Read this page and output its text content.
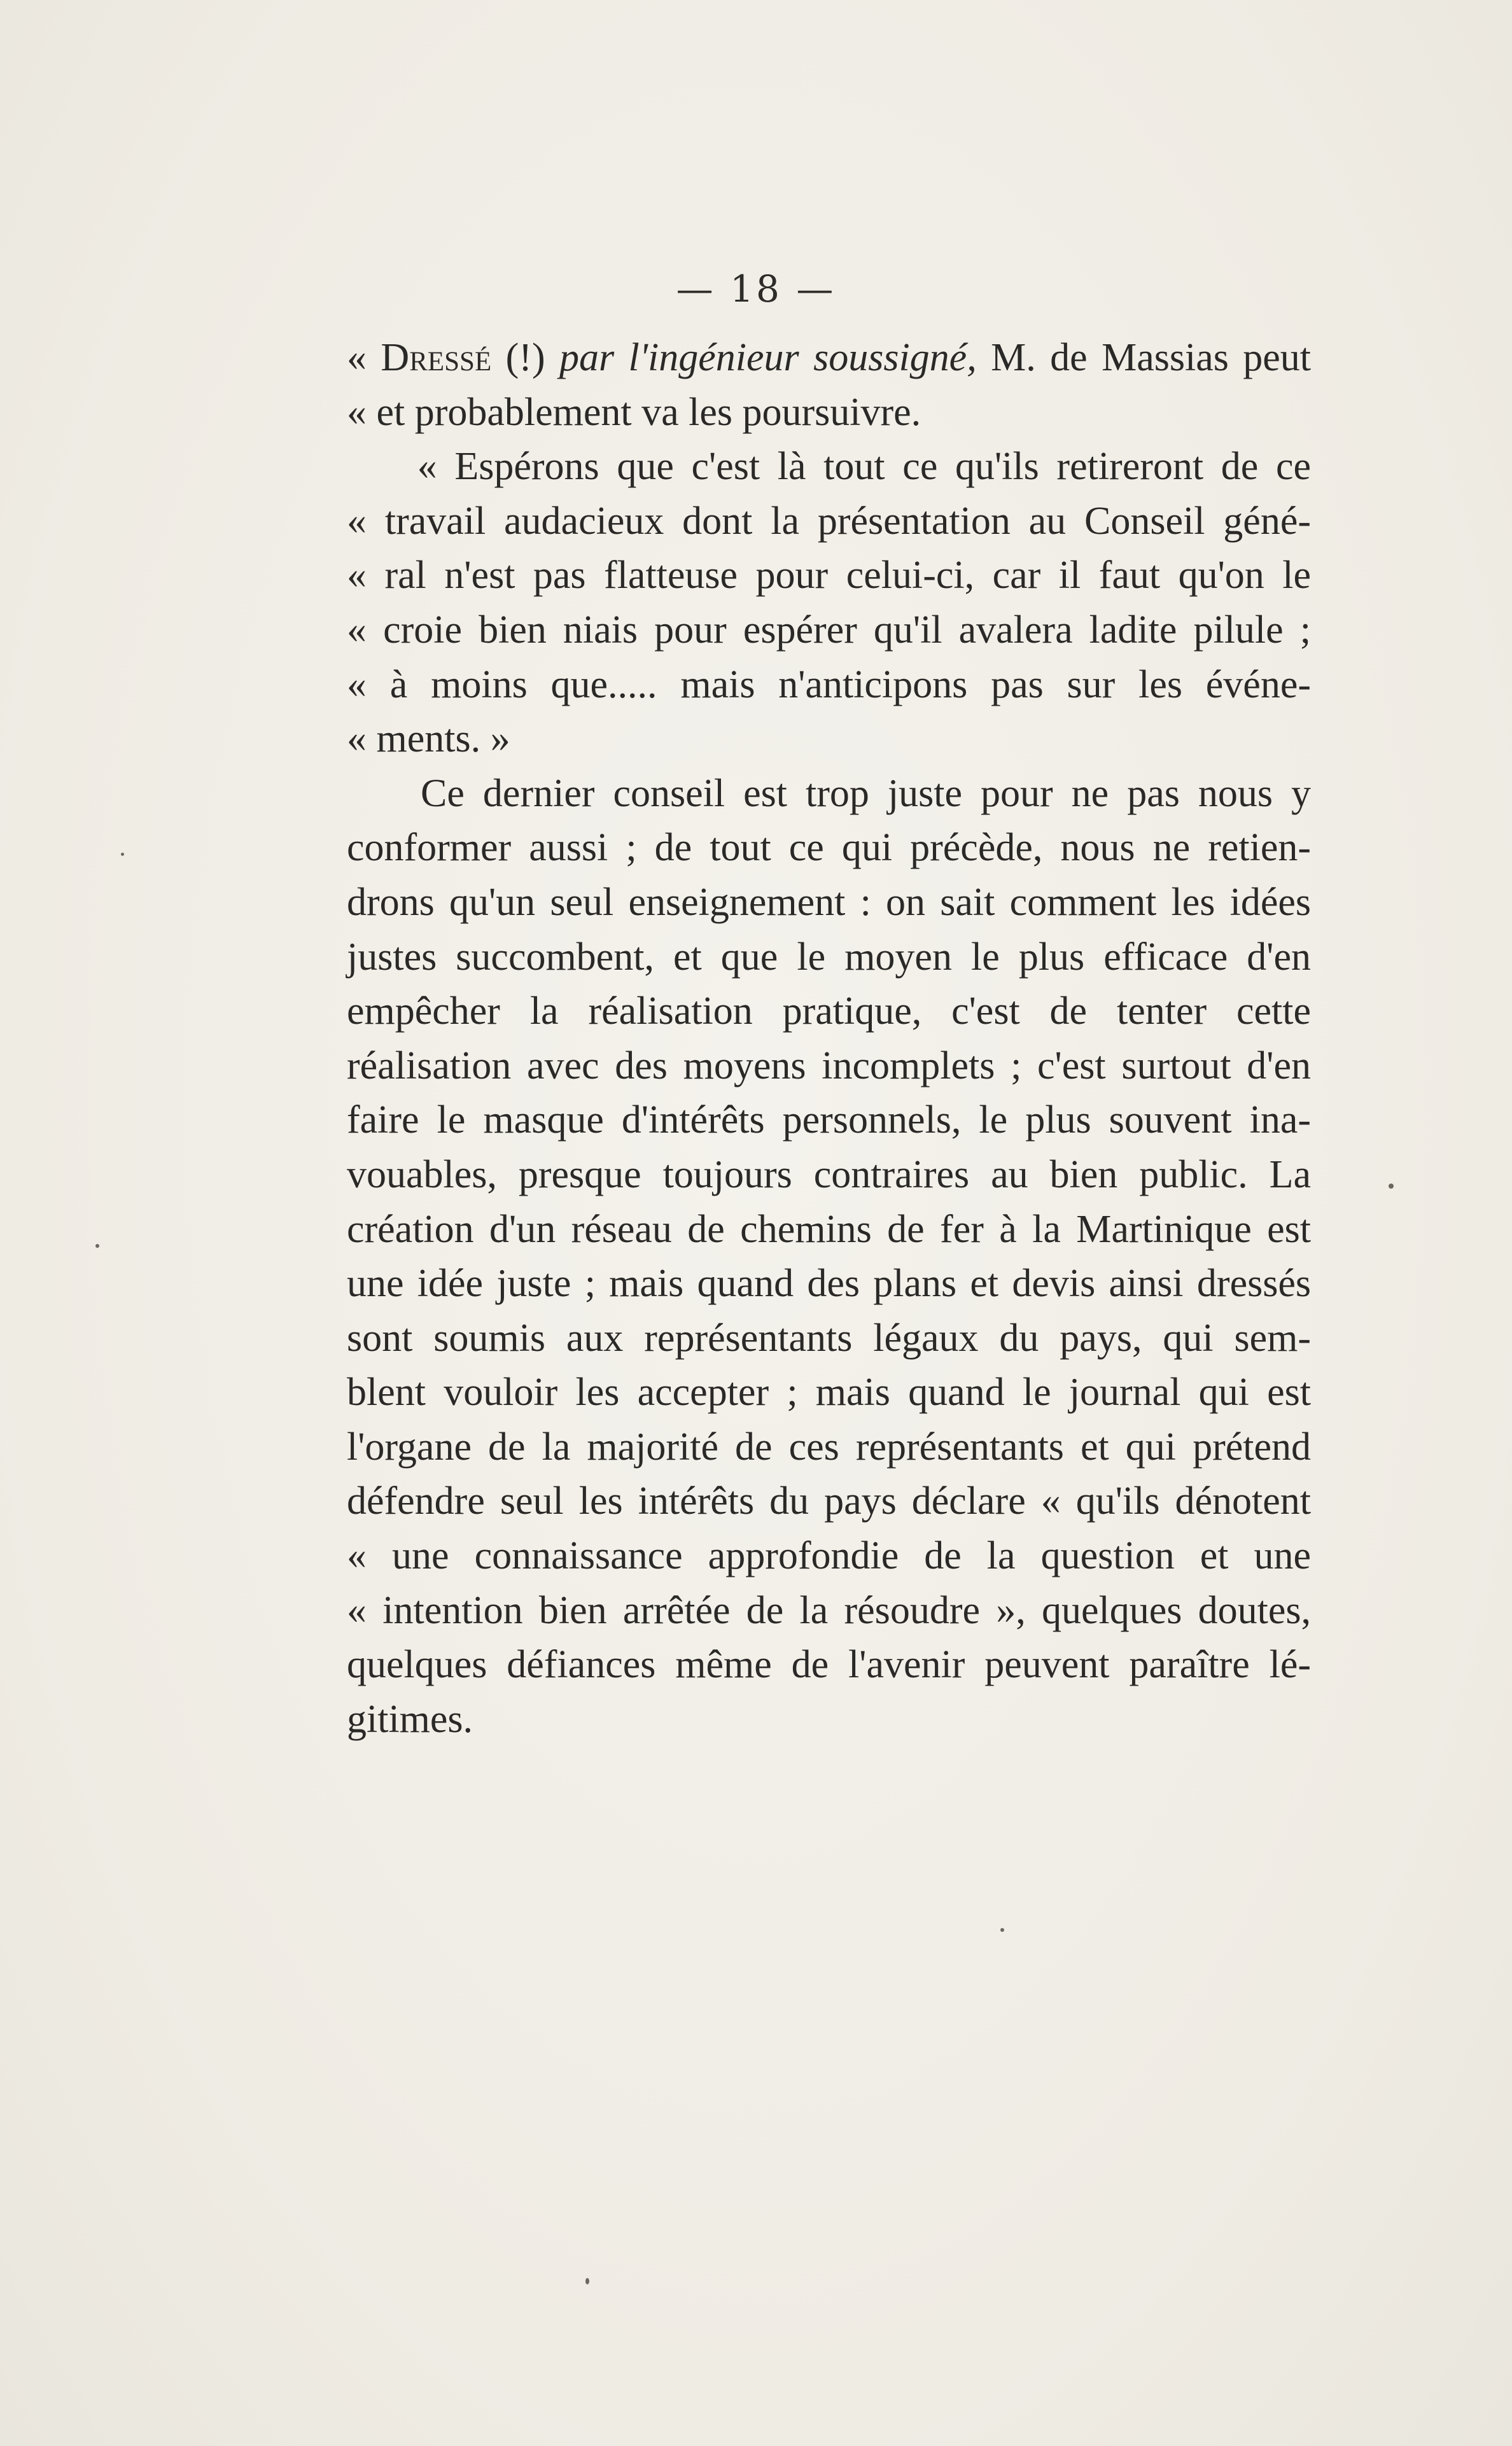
— 18 —
« Dressé (!) par l'ingénieur soussigné, M. de Massias peut
« et probablement va les poursuivre.
« Espérons que c'est là tout ce qu'ils retireront de ce
« travail audacieux dont la présentation au Conseil géné-
« ral n'est pas flatteuse pour celui-ci, car il faut qu'on le
« croie bien niais pour espérer qu'il avalera ladite pilule ;
« à moins que..... mais n'anticipons pas sur les événe-
« ments. »
Ce dernier conseil est trop juste pour ne pas nous y
conformer aussi ; de tout ce qui précède, nous ne retien-
drons qu'un seul enseignement : on sait comment les idées
justes succombent, et que le moyen le plus efficace d'en
empêcher la réalisation pratique, c'est de tenter cette
réalisation avec des moyens incomplets ; c'est surtout d'en
faire le masque d'intérêts personnels, le plus souvent ina-
vouables, presque toujours contraires au bien public. La
création d'un réseau de chemins de fer à la Martinique est
une idée juste ; mais quand des plans et devis ainsi dressés
sont soumis aux représentants légaux du pays, qui sem-
blent vouloir les accepter ; mais quand le journal qui est
l'organe de la majorité de ces représentants et qui prétend
défendre seul les intérêts du pays déclare « qu'ils dénotent
« une connaissance approfondie de la question et une
« intention bien arrêtée de la résoudre », quelques doutes,
quelques défiances même de l'avenir peuvent paraître lé-
gitimes.
